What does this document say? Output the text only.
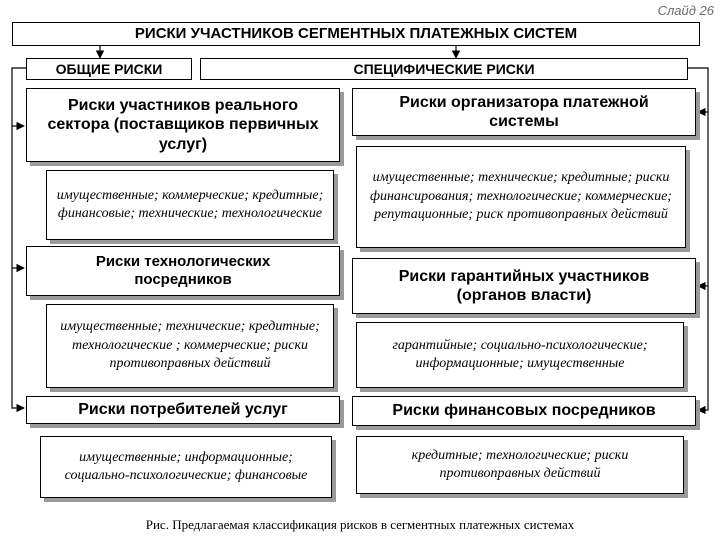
Слайд 26
РИСКИ УЧАСТНИКОВ СЕГМЕНТНЫХ ПЛАТЕЖНЫХ СИСТЕМ
ОБЩИЕ РИСКИ	СПЕЦИФИЧЕСКИЕ РИСКИ
Риски участников реального сектора (поставщиков первичных услуг)
имущественные; коммерческие; кредитные; финансовые; технические; технологические
Риски технологических посредников
имущественные; технические; кредитные; технологические ; коммерческие; риски противоправных действий
Риски потребителей услуг
имущественные; информационные; социально-психологические; финансовые
Риски организатора платежной системы
имущественные; технические; кредитные; риски финансирования; технологические; коммерческие; репутационные; риск противоправных действий
Риски гарантийных участников (органов власти)
гарантийные; социально-психологические; информационные; имущественные
Риски финансовых посредников
кредитные; технологические; риски противоправных действий
Рис. Предлагаемая классификация рисков в сегментных платежных системах
